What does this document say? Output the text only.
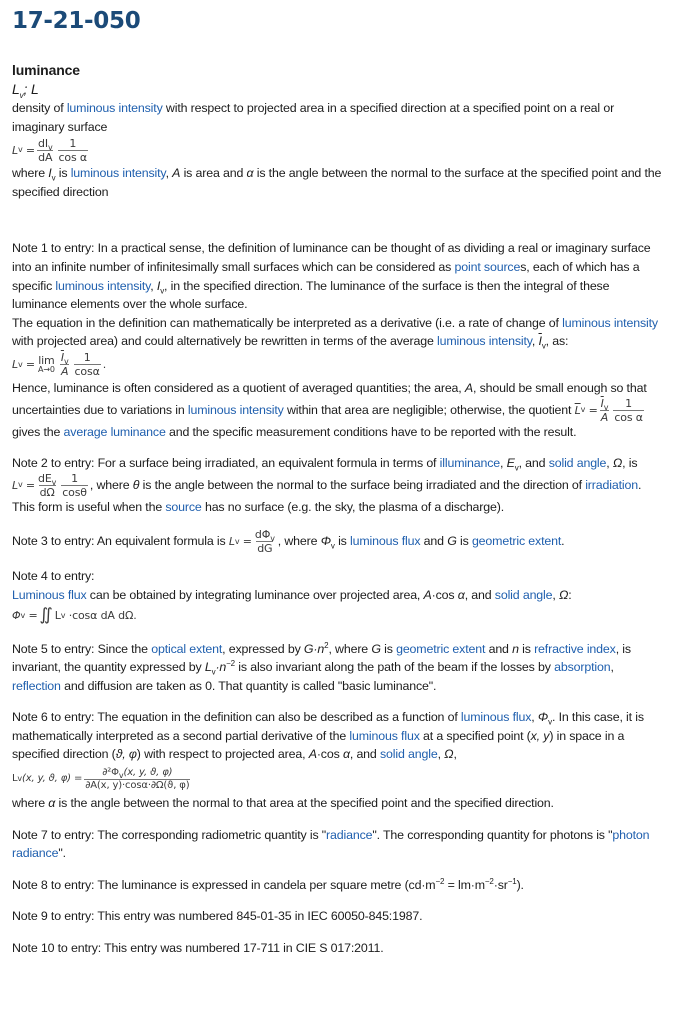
17-21-050
luminance
$L_v$; L
density of luminous intensity with respect to projected area in a specified direction at a specified point on a real or imaginary surface
L v =
$dI_v$
dA $\frac{1}{\text{cos α}}$
where $I_v$ is luminous intensity, A is area and α is the angle between the normal to the surface at the specified point and the specified direction
Note 1 to entry: In a practical sense, the definition of luminance can be thought of as dividing a real or imaginary surface into an infinite number of infinitesimally small surfaces which can be considered as point sources, each of which has a specific luminous intensity, $I_v$, in the specified direction. The luminance of the surface is then the integral of these luminance elements over the whole surface.
The equation in the definition can mathematically be interpreted as a derivative (i.e. a rate of change of luminous intensity with projected area) and could alternatively be rewritten in terms of the average luminous intensity, $\overline{I}_v$, as:
L v = lim
A→0
$\overline{I}_v$
A $\frac{1}{\cos\alpha}$ .
Hence, luminance is often considered as a quotient of averaged quantities; the area, A, should be small enough so that uncertainties due to variations in luminous intensity within that area are negligible; otherwise, the quotient $\overline{L}$ v =
$\overline{I}_v$
A $\frac{1}{\text{cos α}}$
gives the average luminance and the specific measurement conditions have to be reported with the result.
Note 2 to entry: For a surface being irradiated, an equivalent formula in terms of illuminance, $E_v$, and solid angle, Ω, is
L v =
$dE_v$
dΩ $\frac{1}{\cos\theta}$ , where θ is the angle between the normal to the surface being irradiated and the direction of irradiation. This form is useful when the source has no surface (e.g. the sky, the plasma of a discharge).
Note 3 to entry: An equivalent formula is L v =
$d\Phi_v$
dG
, where $\Phi_v$ is luminous flux and G is geometric extent.
Note 4 to entry:
Luminous flux can be obtained by integrating luminance over projected area, A·cos α, and solid angle, Ω:
Φ v = ∬ L v
·cosα dA dΩ.
Note 5 to entry: Since the optical extent, expressed by $G\cdot n^2$, where G is geometric extent and n is refractive index, is invariant, the quantity expressed by $L_v\cdot n^{-2}$ is also invariant along the path of the beam if the losses by absorption, reflection and diffusion are taken as 0. That quantity is called "basic luminance".
Note 6 to entry: The equation in the definition can also be described as a function of luminous flux, $\Phi_v$. In this case, it is mathematically interpreted as a second partial derivative of the luminous flux at a specified point (x, y) in space in a specified direction (ϑ, φ) with respect to projected area, A·cos α, and solid angle, Ω,
L v (x, y, ϑ, φ) =
$\partial^2\Phi_v(x$, y, ϑ, φ)
∂A(x, y)·cosα·∂Ω(ϑ, φ)
where α is the angle between the normal to that area at the specified point and the specified direction.
Note 7 to entry: The corresponding radiometric quantity is "radiance". The corresponding quantity for photons is "photon radiance".
Note 8 to entry: The luminance is expressed in candela per square metre $(cd\cdot m^{-2} = lm\cdot m^{-2}\cdot sr^{-1})$.
Note 9 to entry: This entry was numbered 845-01-35 in IEC 60050-845:1987.
Note 10 to entry: This entry was numbered 17-711 in CIE S 017:2011.
